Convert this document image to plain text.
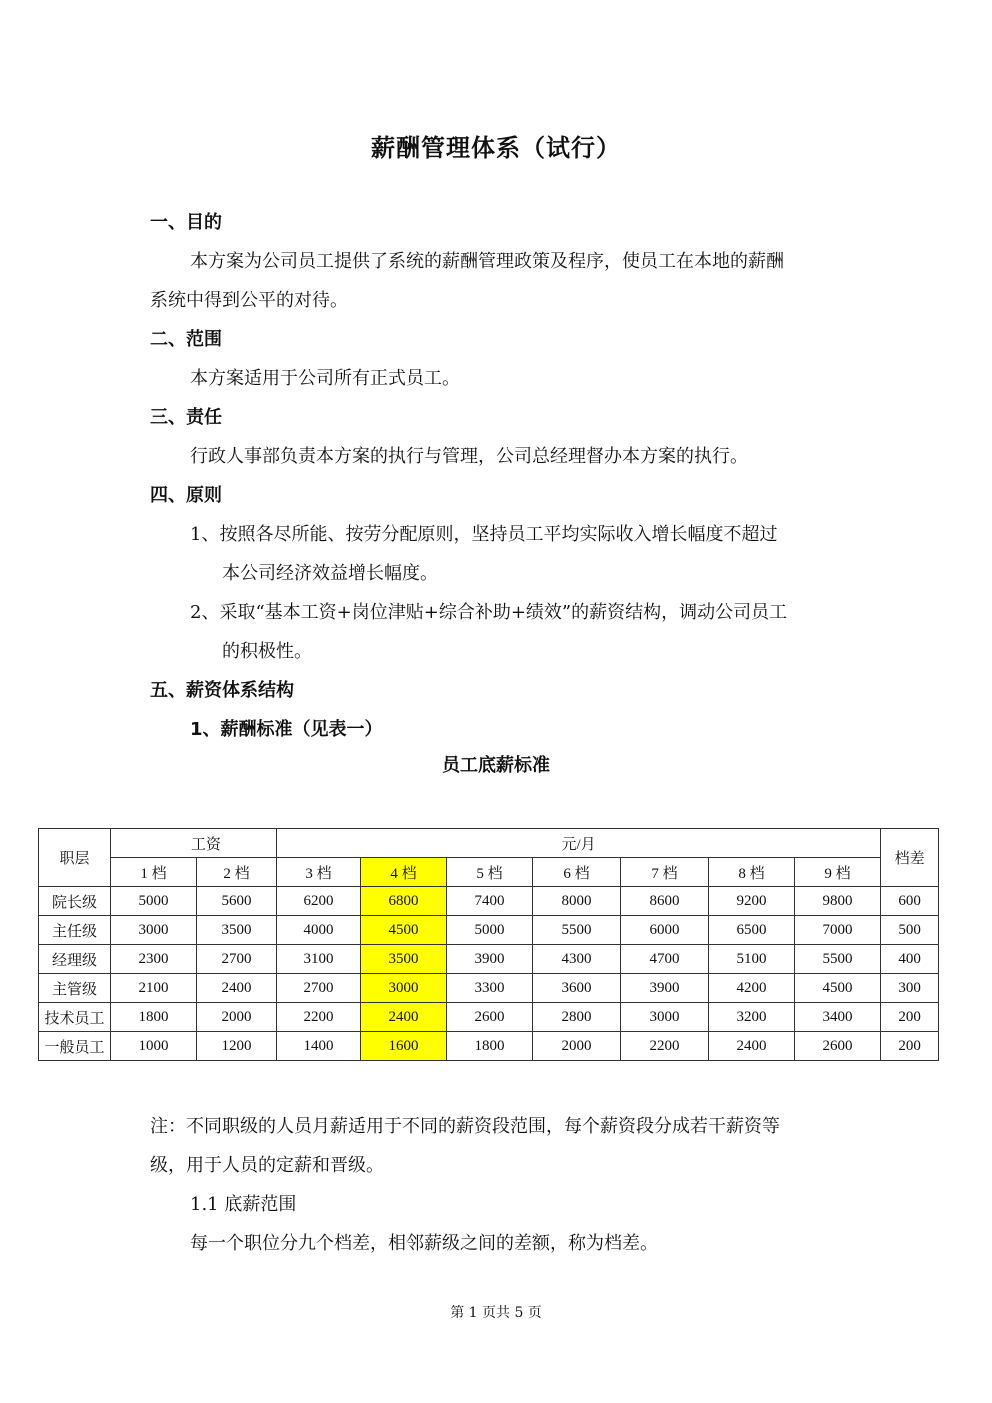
薪酬管理体系（试行）
一、目的
本方案为公司员工提供了系统的薪酬管理政策及程序，使员工在本地的薪酬
系统中得到公平的对待。
二、范围
本方案适用于公司所有正式员工。
三、责任
行政人事部负责本方案的执行与管理，公司总经理督办本方案的执行。
四、原则
1、按照各尽所能、按劳分配原则，坚持员工平均实际收入增长幅度不超过
本公司经济效益增长幅度。
2、采取“基本工资+岗位津贴+综合补助+绩效”的薪资结构，调动公司员工
的积极性。
五、薪资体系结构
1、薪酬标准（见表一）
员工底薪标准
职层	工资		元/月							档差
	1 档	2 档	3 档	4 档	5 档	6 档	7 档	8 档	9 档	
院长级	5000	5600	6200	6800	7400	8000	8600	9200	9800	600
主任级	3000	3500	4000	4500	5000	5500	6000	6500	7000	500
经理级	2300	2700	3100	3500	3900	4300	4700	5100	5500	400
主管级	2100	2400	2700	3000	3300	3600	3900	4200	4500	300
技术员工	1800	2000	2200	2400	2600	2800	3000	3200	3400	200
一般员工	1000	1200	1400	1600	1800	2000	2200	2400	2600	200
注：不同职级的人员月薪适用于不同的薪资段范围，每个薪资段分成若干薪资等
级，用于人员的定薪和晋级。
1.1 底薪范围
每一个职位分九个档差，相邻薪级之间的差额，称为档差。
第 1 页共 5 页
